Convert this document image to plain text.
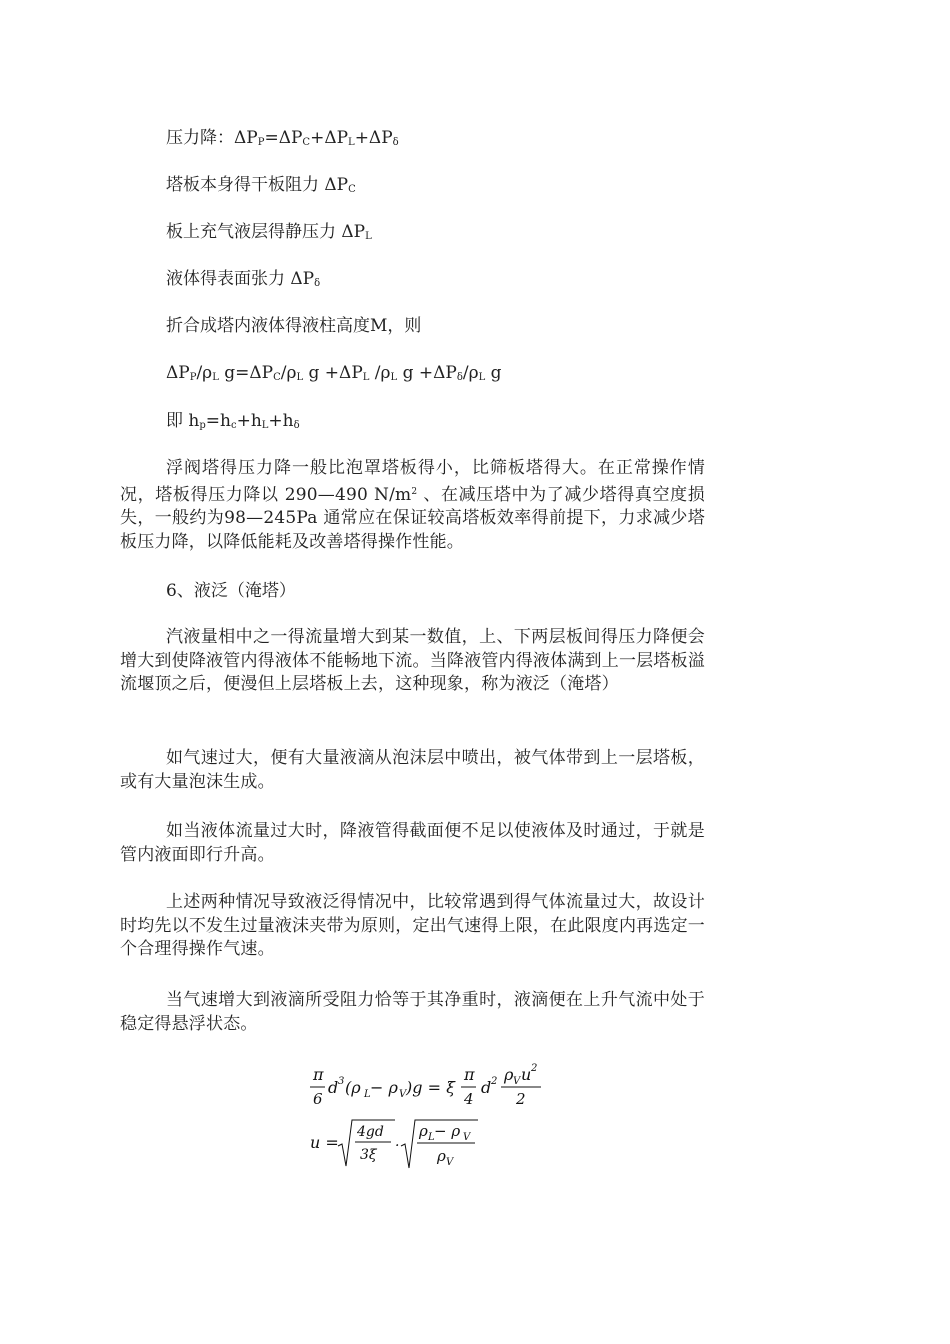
压力降：$\Delta P_P=\Delta P_C+\Delta P_L+\Delta P_\delta$
塔板本身得干板阻力 $\Delta P_C$
板上充气液层得静压力 $\Delta P_L$
液体得表面张力 $\Delta P_\delta$
折合成塔内液体得液柱高度M，则
$\Delta P_P/\rho_L$ $g=\Delta P_C/\rho_L$ $g +\Delta P_L$ $/\rho_L$ $g +\Delta P_\delta/\rho_L$ g
即 $h_p=h_c+h_L+h_\delta$
浮阀塔得压力降一般比泡罩塔板得小，比筛板塔得大。在正常操作情况，塔板得压力降以 290—490 $N/m^2$ 、在减压塔中为了减少塔得真空度损失，一般约为98—245Pa 通常应在保证较高塔板效率得前提下，力求减少塔板压力降，以降低能耗及改善塔得操作性能。
6、液泛（淹塔）
汽液量相中之一得流量增大到某一数值，上、下两层板间得压力降便会增大到使降液管内得液体不能畅地下流。当降液管内得液体满到上一层塔板溢流堰顶之后，便漫但上层塔板上去，这种现象，称为液泛（淹塔）
如气速过大，便有大量液滴从泡沫层中喷出，被气体带到上一层塔板，或有大量泡沫生成。
如当液体流量过大时，降液管得截面便不足以使液体及时通过，于就是管内液面即行升高。
上述两种情况导致液泛得情况中，比较常遇到得气体流量过大，故设计时均先以不发生过量液沫夹带为原则，定出气速得上限，在此限度内再选定一个合理得操作气速。
当气速增大到液滴所受阻力恰等于其净重时，液滴便在上升气流中处于稳定得悬浮状态。
π
6
d 3 (ρ L − ρ V )g = ξ
π
4
d 2 ρ V u 2
2
u =
4gd
3ξ
·
ρ L − ρ V
ρ V
